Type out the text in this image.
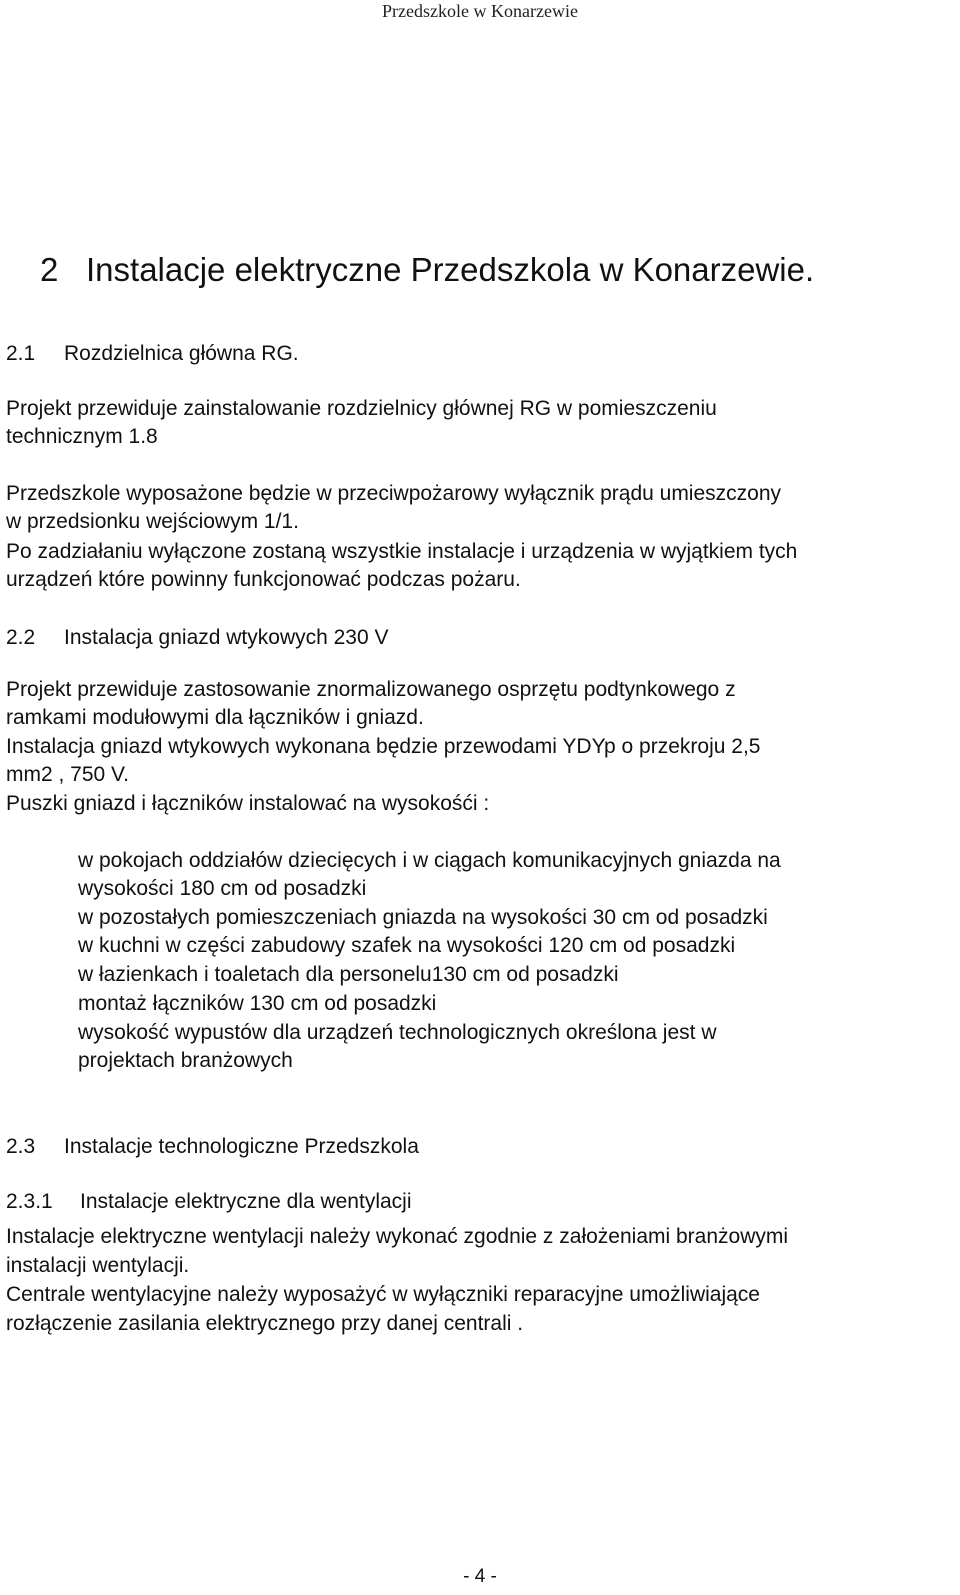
Przedszkole w Konarzewie
2 Instalacje elektryczne Przedszkola w Konarzewie.
2.1 Rozdzielnica główna RG.
Projekt przewiduje zainstalowanie rozdzielnicy głównej RG w pomieszczeniu
technicznym 1.8
Przedszkole wyposażone będzie w przeciwpożarowy wyłącznik prądu umieszczony
w przedsionku wejściowym 1/1.
Po zadziałaniu wyłączone zostaną wszystkie instalacje i urządzenia w wyjątkiem tych
urządzeń które powinny funkcjonować podczas pożaru.
2.2 Instalacja gniazd wtykowych 230 V
Projekt przewiduje zastosowanie znormalizowanego osprzętu podtynkowego z
ramkami modułowymi dla łączników i gniazd.
Instalacja gniazd wtykowych wykonana będzie przewodami YDYp o przekroju 2,5
mm2 , 750 V.
Puszki gniazd i łączników instalować na wysokośći :
w pokojach oddziałów dziecięcych i w ciągach komunikacyjnych gniazda na
wysokości 180 cm od posadzki
w pozostałych pomieszczeniach gniazda na wysokości 30 cm od posadzki
w kuchni w części zabudowy szafek na wysokości 120 cm od posadzki
w łazienkach i toaletach dla personelu130 cm od posadzki
montaż łączników 130 cm od posadzki
wysokość wypustów dla urządzeń technologicznych określona jest w
projektach branżowych
2.3 Instalacje technologiczne Przedszkola
2.3.1 Instalacje elektryczne dla wentylacji
Instalacje elektryczne wentylacji należy wykonać zgodnie z założeniami branżowymi
instalacji wentylacji.
Centrale wentylacyjne należy wyposażyć w wyłączniki reparacyjne umożliwiające
rozłączenie zasilania elektrycznego przy danej centrali .
- 4 -
